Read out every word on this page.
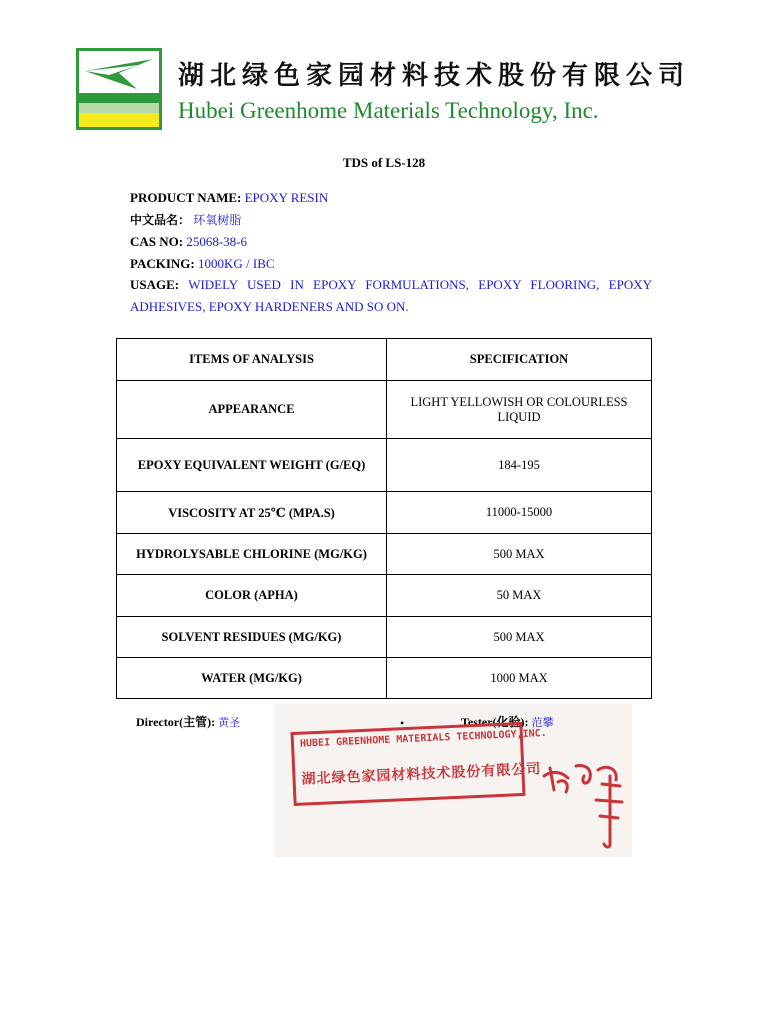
湖北绿色家园材料技术股份有限公司
Hubei Greenhome Materials Technology, Inc.
TDS of LS-128
PRODUCT NAME: EPOXY RESIN
中文品名： 环氧树脂
CAS NO: 25068-38-6
PACKING: 1000KG / IBC
USAGE: WIDELY USED IN EPOXY FORMULATIONS, EPOXY FLOORING, EPOXY ADHESIVES, EPOXY HARDENERS AND SO ON.
ITEMS OF ANALYSIS	SPECIFICATION
APPEARANCE	LIGHT YELLOWISH OR COLOURLESS LIQUID
EPOXY EQUIVALENT WEIGHT (G/EQ)	184-195
VISCOSITY AT 25℃ (MPA.S)	11000-15000
HYDROLYSABLE CHLORINE (MG/KG)	500 MAX
COLOR (APHA)	50 MAX
SOLVENT RESIDUES (MG/KG)	500 MAX
WATER (MG/KG)	1000 MAX
Director(主管): 黄圣	•	Tester(化验): 范攀
HUBEI GREENHOME MATERIALS TECHNOLOGY,INC.
湖北绿色家园材料技术股份有限公司
